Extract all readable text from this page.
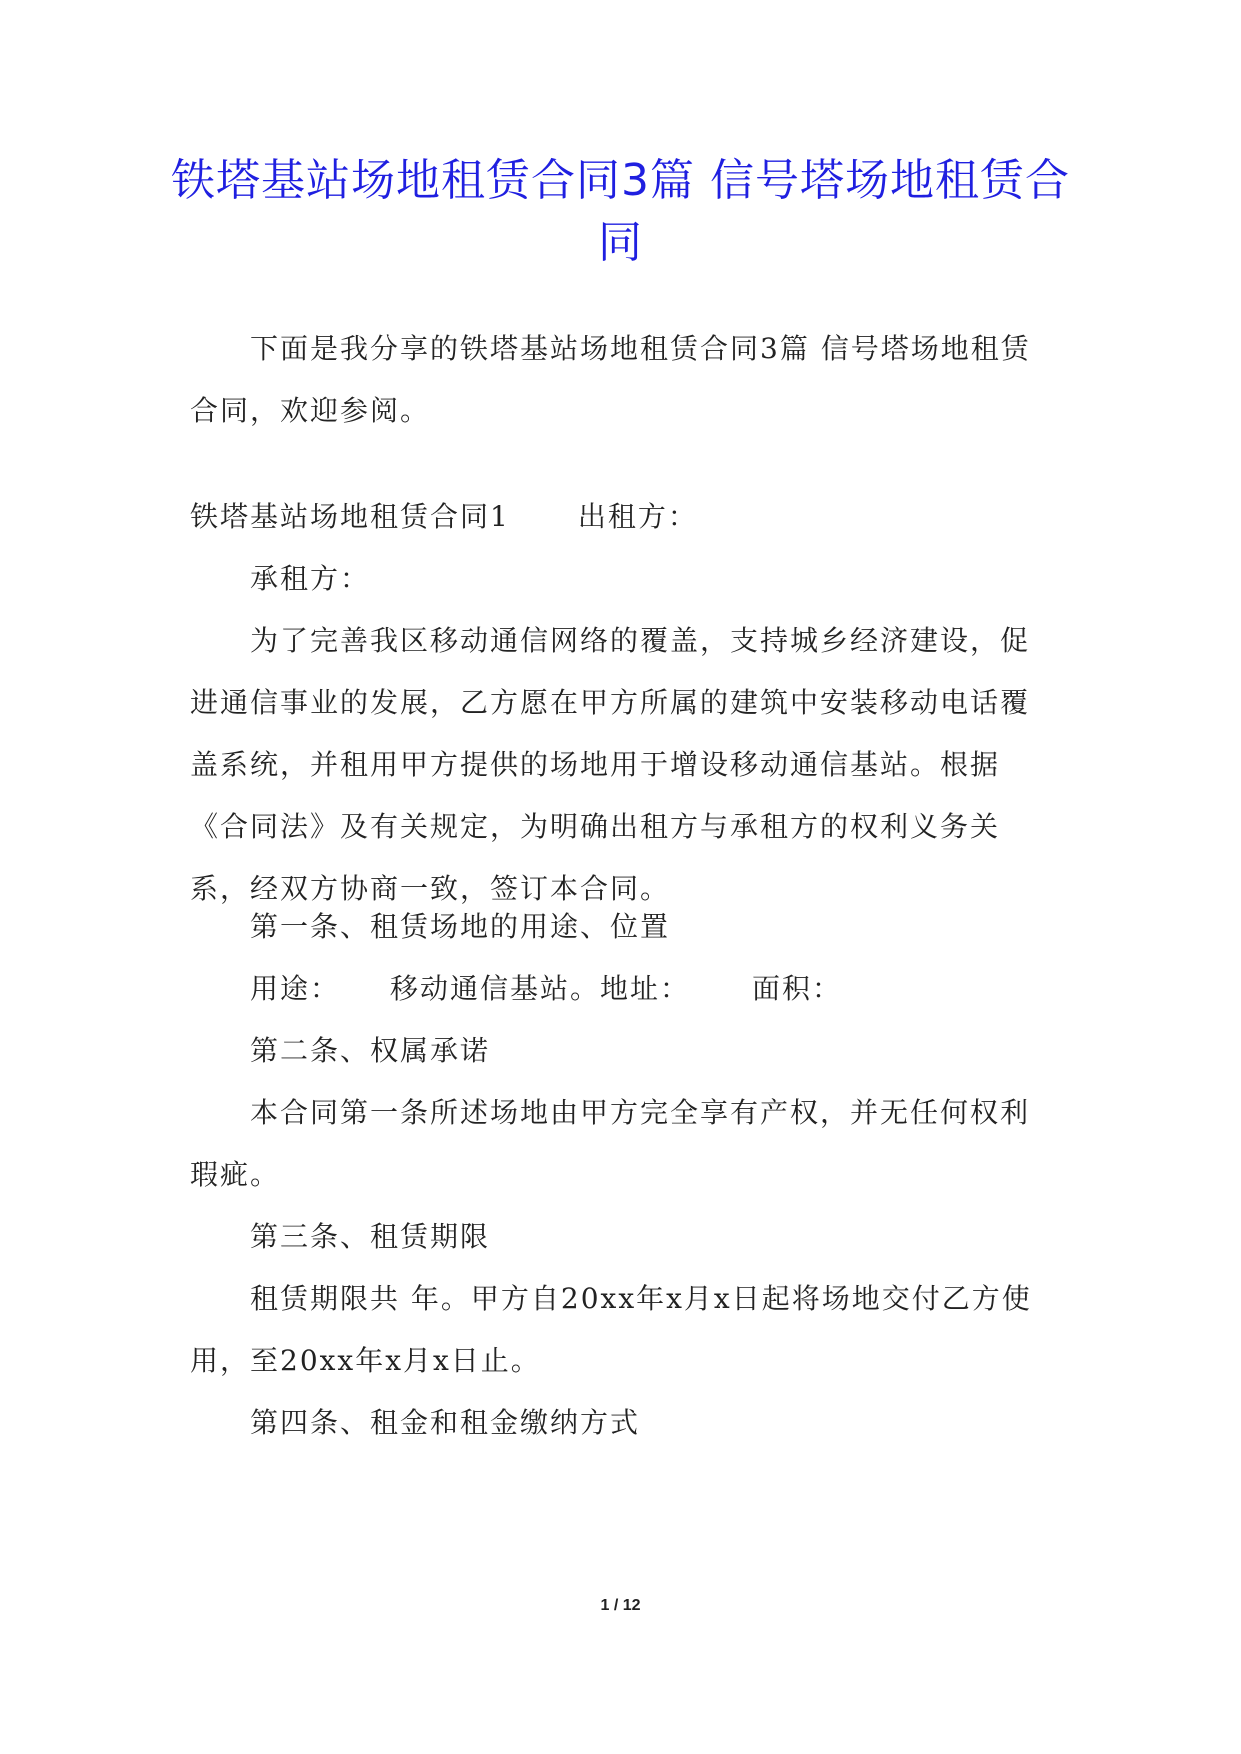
铁塔基站场地租赁合同3篇 信号塔场地租赁合同

下面是我分享的铁塔基站场地租赁合同3篇 信号塔场地租赁合同，欢迎参阅。

铁塔基站场地租赁合同1 出租方：

承租方：

为了完善我区移动通信网络的覆盖，支持城乡经济建设，促进通信事业的发展，乙方愿在甲方所属的建筑中安装移动电话覆盖系统，并租用甲方提供的场地用于增设移动通信基站。根据《合同法》及有关规定，为明确出租方与承租方的权利义务关系，经双方协商一致，签订本合同。

第一条、租赁场地的用途、位置

用途： 移动通信基站。地址： 面积：

第二条、权属承诺

本合同第一条所述场地由甲方完全享有产权，并无任何权利瑕疵。

第三条、租赁期限

租赁期限共 年。甲方自20xx年x月x日起将场地交付乙方使用，至20xx年x月x日止。

第四条、租金和租金缴纳方式

1 / 12
